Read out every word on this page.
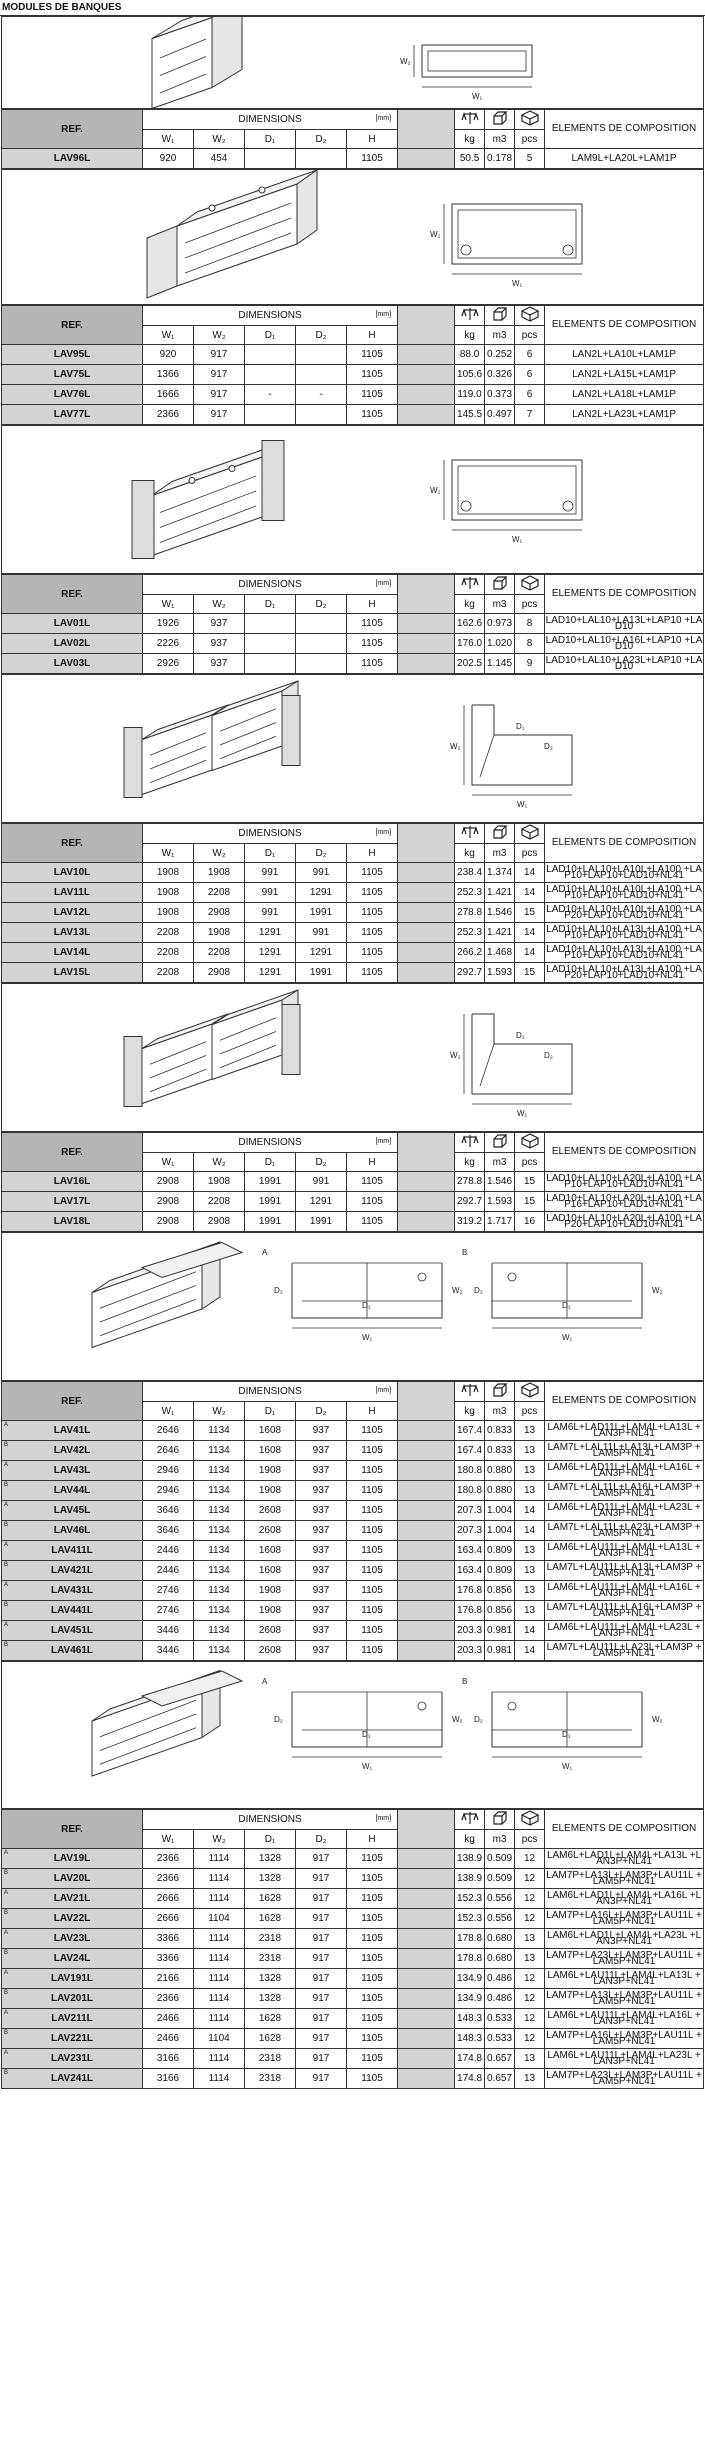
MODULES DE BANQUES
W₁
W₂
REF.	DIMENSIONS [mm]									ELEMENTS DE COMPOSITION
	W₁	W₂	D₁	D₂	H		kg	m3	pcs	
LAV96L	920	454			1105		50.5	0.178	5	LAM9L+LA20L+LAM1P
W₁
W₂
REF.	DIMENSIONS [mm]									ELEMENTS DE COMPOSITION
	W₁	W₂	D₁	D₂	H		kg	m3	pcs	
LAV95L	920	917			1105		88.0	0.252	6	LAN2L+LA10L+LAM1P
LAV75L	1366	917			1105		105.6	0.326	6	LAN2L+LA15L+LAM1P
LAV76L	1666	917	-	-	1105		119.0	0.373	6	LAN2L+LA18L+LAM1P
LAV77L	2366	917			1105		145.5	0.497	7	LAN2L+LA23L+LAM1P
W₁
W₂
REF.	DIMENSIONS [mm]									ELEMENTS DE COMPOSITION
	W₁	W₂	D₁	D₂	H		kg	m3	pcs	
LAV01L	1926	937			1105		162.6	0.973	8	LAD10+LAL10+LA13L+LAP10 +LAD10
LAV02L	2226	937			1105		176.0	1.020	8	LAD10+LAL10+LA16L+LAP10 +LAD10
LAV03L	2926	937			1105		202.5	1.145	9	LAD10+LAL10+LA23L+LAP10 +LAD10
D₁
D₂
W₂
W₁
REF.	DIMENSIONS [mm]									ELEMENTS DE COMPOSITION
	W₁	W₂	D₁	D₂	H		kg	m3	pcs	
LAV10L	1908	1908	991	991	1105		238.4	1.374	14	LAD10+LAL10+LA10L+LA100 +LAP10+LAP10+LAD10+NL41
LAV11L	1908	2208	991	1291	1105		252.3	1.421	14	LAD10+LAL10+LA10L+LA100 +LAP10+LAP10+LAD10+NL41
LAV12L	1908	2908	991	1991	1105		278.8	1.546	15	LAD10+LAL10+LA10L+LA100 +LAP20+LAP10+LAD10+NL41
LAV13L	2208	1908	1291	991	1105		252.3	1.421	14	LAD10+LAL10+LA13L+LA100 +LAP10+LAP10+LAD10+NL41
LAV14L	2208	2208	1291	1291	1105		266.2	1.468	14	LAD10+LAL10+LA13L+LA100 +LAP10+LAP10+LAD10+NL41
LAV15L	2208	2908	1291	1991	1105		292.7	1.593	15	LAD10+LAL10+LA13L+LA100 +LAP20+LAP10+LAD10+NL41
D₁
D₂
W₂
W₁
REF.	DIMENSIONS [mm]									ELEMENTS DE COMPOSITION
	W₁	W₂	D₁	D₂	H		kg	m3	pcs	
LAV16L	2908	1908	1991	991	1105		278.8	1.546	15	LAD10+LAL10+LA20L+LA100 +LAP10+LAP10+LAD10+NL41
LAV17L	2908	2208	1991	1291	1105		292.7	1.593	15	LAD10+LAL10+LA20L+LA100 +LAP16+LAP10+LAD10+NL41
LAV18L	2908	2908	1991	1991	1105		319.2	1.717	16	LAD10+LAL10+LA20L+LA100 +LAP20+LAP10+LAD10+NL41
A
D₁
D₂	W₂
W₁
B
D₁
D₂	W₂
W₁
REF.	DIMENSIONS [mm]									ELEMENTS DE COMPOSITION
	W₁	W₂	D₁	D₂	H		kg	m3	pcs	

A LAV41L	2646	1134	1608	937	1105		167.4	0.833	13	LAM6L+LAD11L+LAM4L+LA13L +LAN3P+NL41

B LAV42L	2646	1134	1608	937	1105		167.4	0.833	13	LAM7L+LAL11L+LA13L+LAM3P +LAM5P+NL41

A LAV43L	2946	1134	1908	937	1105		180.8	0.880	13	LAM6L+LAD11L+LAM4L+LA16L +LAN3P+NL41

B LAV44L	2946	1134	1908	937	1105		180.8	0.880	13	LAM7L+LAL11L+LA16L+LAM3P +LAM5P+NL41

A LAV45L	3646	1134	2608	937	1105		207.3	1.004	14	LAM6L+LAD11L+LAM4L+LA23L +LAN3P+NL41

B LAV46L	3646	1134	2608	937	1105		207.3	1.004	14	LAM7L+LAL11L+LA23L+LAM3P +LAM5P+NL41

A LAV411L	2446	1134	1608	937	1105		163.4	0.809	13	LAM6L+LAU11L+LAM4L+LA13L +LAN3P+NL41

B LAV421L	2446	1134	1608	937	1105		163.4	0.809	13	LAM7L+LAU11L+LA13L+LAM3P +LAM5P+NL41

A LAV431L	2746	1134	1908	937	1105		176.8	0.856	13	LAM6L+LAU11L+LAM4L+LA16L +LAN3P+NL41

B LAV441L	2746	1134	1908	937	1105		176.8	0.856	13	LAM7L+LAU11L+LA16L+LAM3P +LAM5P+NL41

A LAV451L	3446	1134	2608	937	1105		203.3	0.981	14	LAM6L+LAU11L+LAM4L+LA23L +LAN3P+NL41

B LAV461L	3446	1134	2608	937	1105		203.3	0.981	14	LAM7L+LAU11L+LA23L+LAM3P +LAM5P+NL41
A
D₁
D₂	W₂
W₁
B
D₁
D₂	W₂
W₁
REF.	DIMENSIONS [mm]									ELEMENTS DE COMPOSITION
	W₁	W₂	D₁	D₂	H		kg	m3	pcs	

A LAV19L	2366	1114	1328	917	1105		138.9	0.509	12	LAM6L+LAD1L+LAM4L+LA13L +LAN3P+NL41

B LAV20L	2366	1114	1328	917	1105		138.9	0.509	12	LAM7P+LA13L+LAM3P+LAU11L +LAM5P+NL41

A LAV21L	2666	1114	1628	917	1105		152.3	0.556	12	LAM6L+LAD1L+LAM4L+LA16L +LAN3P+NL41

B LAV22L	2666	1104	1628	917	1105		152.3	0.556	12	LAM7P+LA16L+LAM3P+LAU11L +LAM5P+NL41

A LAV23L	3366	1114	2318	917	1105		178.8	0.680	13	LAM6L+LAD1L+LAM4L+LA23L +LAN3P+NL41

B LAV24L	3366	1114	2318	917	1105		178.8	0.680	13	LAM7P+LA23L+LAM3P+LAU11L +LAM5P+NL41

A LAV191L	2166	1114	1328	917	1105		134.9	0.486	12	LAM6L+LAU11L+LAM4L+LA13L +LAN3P+NL41

B LAV201L	2366	1114	1328	917	1105		134.9	0.486	12	LAM7P+LA13L+LAM3P+LAU11L +LAM5P+NL41

A LAV211L	2466	1114	1628	917	1105		148.3	0.533	12	LAM6L+LAU11L+LAM4L+LA16L +LAN3P+NL41

B LAV221L	2466	1104	1628	917	1105		148.3	0.533	12	LAM7P+LA16L+LAM3P+LAU11L +LAM5P+NL41

A LAV231L	3166	1114	2318	917	1105		174.8	0.657	13	LAM6L+LAU11L+LAM4L+LA23L +LAN3P+NL41

B LAV241L	3166	1114	2318	917	1105		174.8	0.657	13	LAM7P+LA23L+LAM3P+LAU11L +LAM5P+NL41
